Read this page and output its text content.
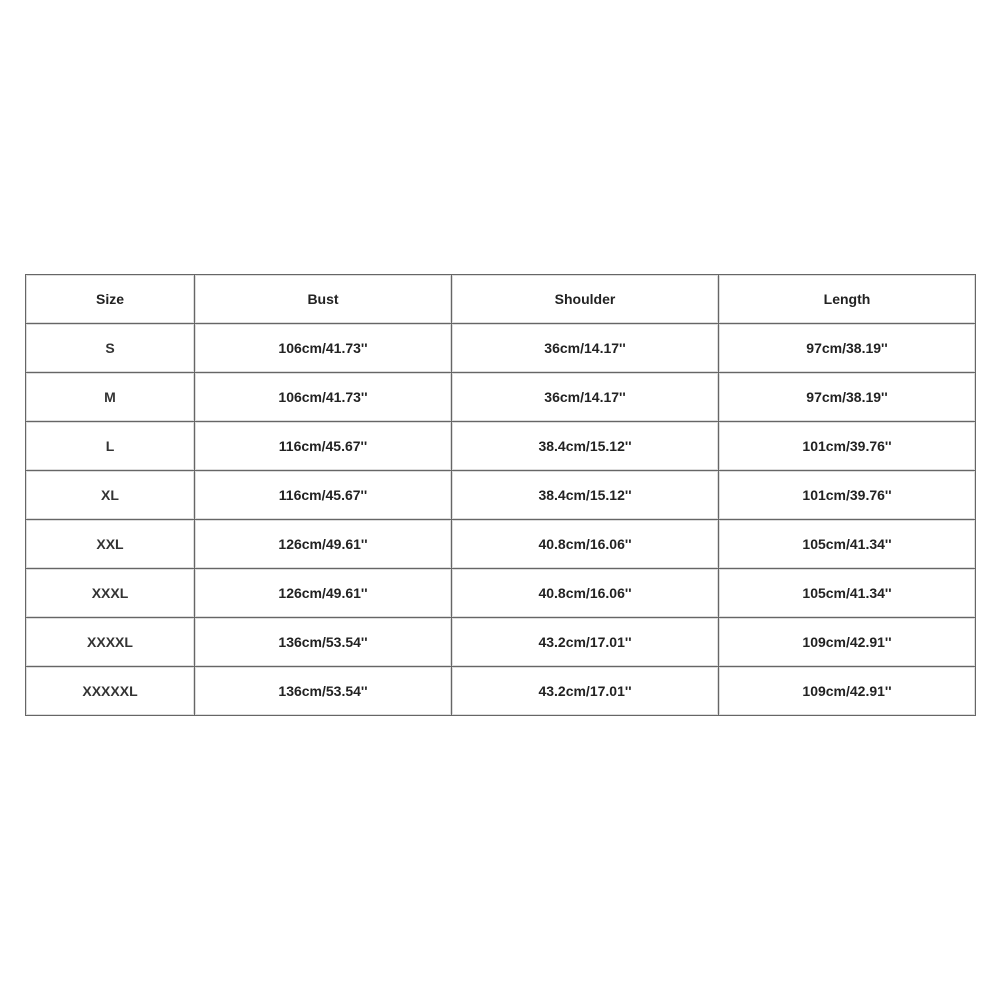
Size	Bust	Shoulder	Length
S	106cm/41.73''	36cm/14.17''	97cm/38.19''
M	106cm/41.73''	36cm/14.17''	97cm/38.19''
L	116cm/45.67''	38.4cm/15.12''	101cm/39.76''
XL	116cm/45.67''	38.4cm/15.12''	101cm/39.76''
XXL	126cm/49.61''	40.8cm/16.06''	105cm/41.34''
XXXL	126cm/49.61''	40.8cm/16.06''	105cm/41.34''
XXXXL	136cm/53.54''	43.2cm/17.01''	109cm/42.91''
XXXXXL	136cm/53.54''	43.2cm/17.01''	109cm/42.91''
